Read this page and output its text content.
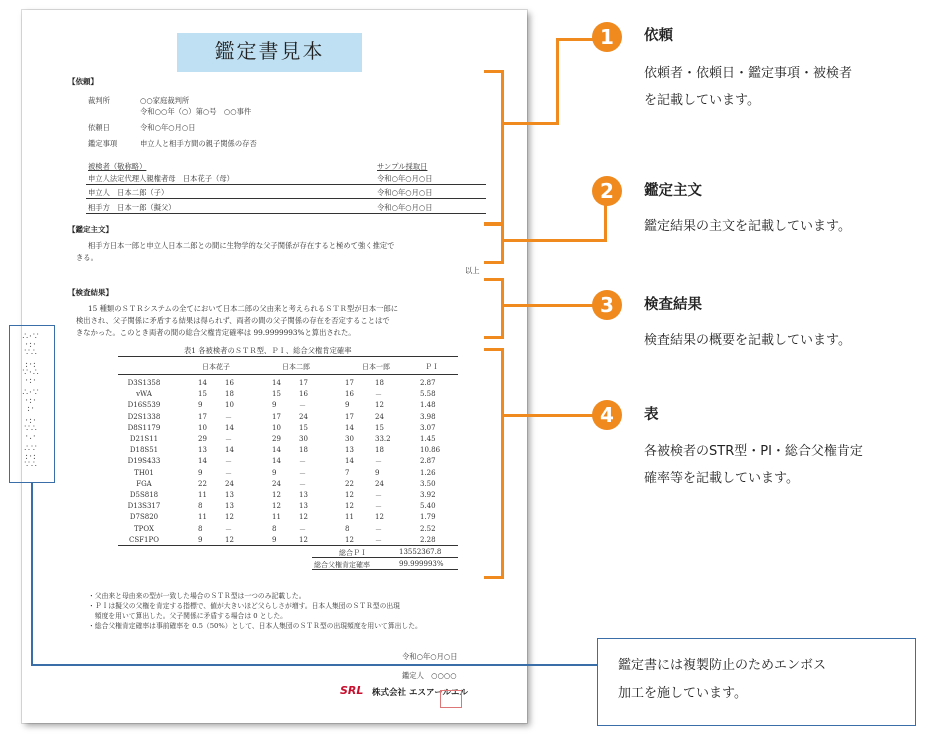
鑑定書見本
【依頼】
裁判所	○○家庭裁判所
令和○○年（○）第○号　○○事件
依頼日	令和○年○月○日
鑑定事項	申立人と相手方間の親子関係の存否
被検者（敬称略）	サンプル採取日
申立人法定代理人親権者母　日本花子（母）	令和○年○月○日
申立人　日本二郎（子）	令和○年○月○日
相手方　日本一郎（擬父）	令和○年○月○日
【鑑定主文】
相手方日本一郎と申立人日本二郎との間に生物学的な父子関係が存在すると極めて強く推定で
きる。
以上
【検査結果】
15 種類のＳＴＲシステムの全てにおいて日本二郎の父由来と考えられるＳＴＲ型が日本一郎に
検出され、父子関係に矛盾する結果は得られず、両者の間の父子関係の存在を否定することはで
きなかった。このとき両者の間の総合父権肯定確率は 99.9999993%と算出された。
表1 各被検者のＳＴＲ型、ＰＩ、総合父権肯定確率
日本花子	日本二郎	日本一郎	ＰＩ
D3S1358	14	16	14	17	17	18	2.87
vWA	15	18	15	16	16	－	5.58
D16S539	9	10	9	－	9	12	1.48
D2S1338	17	－	17	24	17	24	3.98
D8S1179	10	14	10	15	14	15	3.07
D21S11	29	－	29	30	30	33.2	1.45
D18S51	13	14	14	18	13	18	10.86
D19S433	14	－	14	－	14	－	2.87
TH01	9	－	9	－	7	9	1.26
FGA	22	24	24	－	22	24	3.50
D5S818	11	13	12	13	12	－	3.92
D13S317	8	13	12	13	12	－	5.40
D7S820	11	12	11	12	11	12	1.79
TPOX	8	－	8	－	8	－	2.52
CSF1PO	9	12	9	12	12	－	2.28
総合ＰＩ	13552367.8
総合父権肯定確率	99.999993%
・父由来と母由来の型が一致した場合のＳＴＲ型は一つのみ記載した。
・ＰＩは擬父の父権を肯定する指標で、値が大きいほど父らしさが増す。日本人集団のＳＴＲ型の出現
　頻度を用いて算出した。父子関係に矛盾する場合は 0 とした。
・総合父権肯定確率は事前確率を 0.5（50%）として、日本人集団のＳＴＲ型の出現頻度を用いて算出した。
令和○年○月○日
鑑定人　○○○○
SRL 株式会社 エスアールエル
∴·∵
·:·
∵∴
:·:
∵·∴
·:·
∴·∵
·:·
:·
·:·
∵∴
·.·
∴∵
:·:
∵∴
鑑定書には複製防止のためエンボス
加工を施しています。
1	依頼
依頼者・依頼日・鑑定事項・被検者
を記載しています。
2	鑑定主文
鑑定結果の主文を記載しています。
3	検査結果
検査結果の概要を記載しています。
4	表
各被検者のSTR型・PI・総合父権肯定
確率等を記載しています。
